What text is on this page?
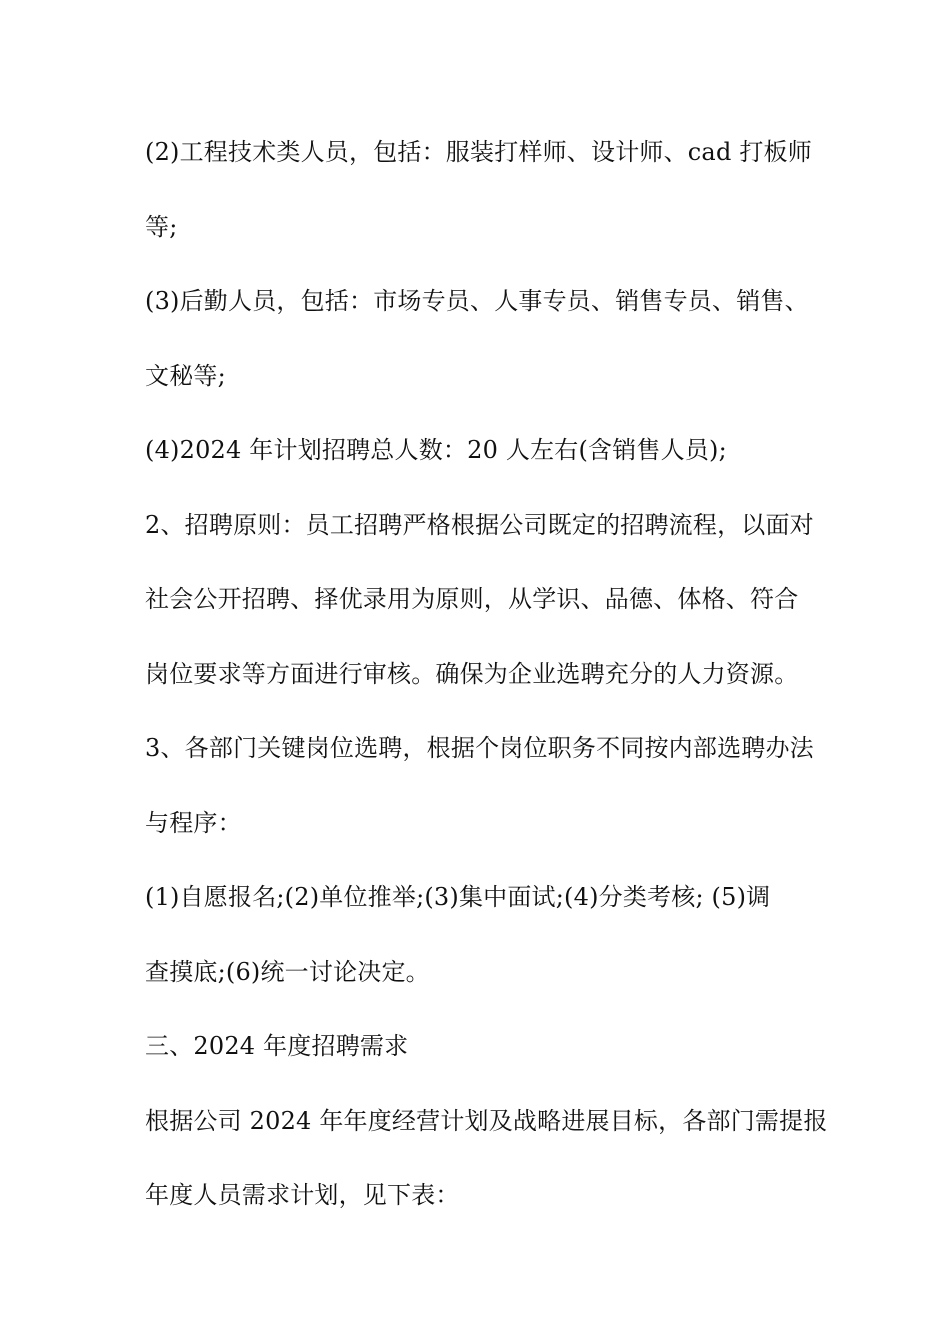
(2)工程技术类人员，包括：服装打样师、设计师、cad 打板师
等;
(3)后勤人员，包括：市场专员、人事专员、销售专员、销售、
文秘等;
(4)2024 年计划招聘总人数：20 人左右(含销售人员);
2、招聘原则：员工招聘严格根据公司既定的招聘流程，以面对
社会公开招聘、择优录用为原则，从学识、品德、体格、符合
岗位要求等方面进行审核。确保为企业选聘充分的人力资源。
3、各部门关键岗位选聘，根据个岗位职务不同按内部选聘办法
与程序：
(1)自愿报名;(2)单位推举;(3)集中面试;(4)分类考核; (5)调
查摸底;(6)统一讨论决定。
三、2024 年度招聘需求
根据公司 2024 年年度经营计划及战略进展目标，各部门需提报
年度人员需求计划，见下表：
